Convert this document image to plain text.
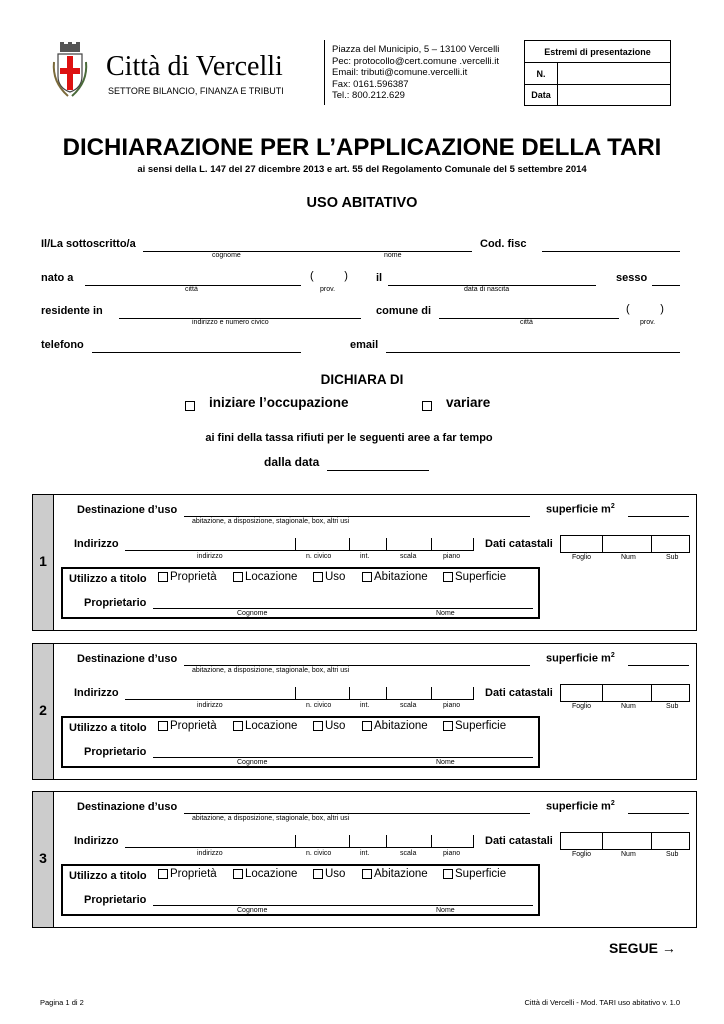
Città di Vercelli
SETTORE BILANCIO, FINANZA E TRIBUTI
Piazza del Municipio, 5 – 13100 Vercelli
Pec: protocollo@cert.comune .vercelli.it
Email: tributi@comune.vercelli.it
Fax: 0161.596387
Tel.: 800.212.629
Estremi di presentazione
N.
Data
DICHIARAZIONE PER L’APPLICAZIONE DELLA TARI
ai sensi della L. 147 del 27 dicembre 2013 e art. 55 del Regolamento Comunale del 5 settembre 2014
USO ABITATIVO
Il/La sottoscritto/a
cognome	nome
Cod. fisc
nato a
città
(          )
prov.
il
data di nascita
sesso
residente in
indirizzo e numero civico
comune di
città
(          )
prov.
telefono	email
DICHIARA DI
iniziare l’occupazione	variare
ai fini della tassa rifiuti per le seguenti aree a far tempo
dalla data
1
Destinazione d’uso
abitazione, a disposizione, stagionale, box, altri usi
superficie $m^2$
Indirizzo
indirizzo	n. civico	int.	scala	piano
Dati catastali
Foglio	Num	Sub
Utilizzo a titolo Proprietà Locazione Uso Abitazione Superficie
Proprietario
Cognome	Nome
2
Destinazione d’uso
abitazione, a disposizione, stagionale, box, altri usi
superficie $m^2$
Indirizzo
indirizzo	n. civico	int.	scala	piano
Dati catastali
Foglio	Num	Sub
Utilizzo a titolo Proprietà Locazione Uso Abitazione Superficie
Proprietario
Cognome	Nome
3
Destinazione d’uso
abitazione, a disposizione, stagionale, box, altri usi
superficie $m^2$
Indirizzo
indirizzo	n. civico	int.	scala	piano
Dati catastali
Foglio	Num	Sub
Utilizzo a titolo Proprietà Locazione Uso Abitazione Superficie
Proprietario
Cognome	Nome
SEGUE →
Pagina 1 di 2	Città di Vercelli - Mod. TARI uso abitativo v. 1.0
